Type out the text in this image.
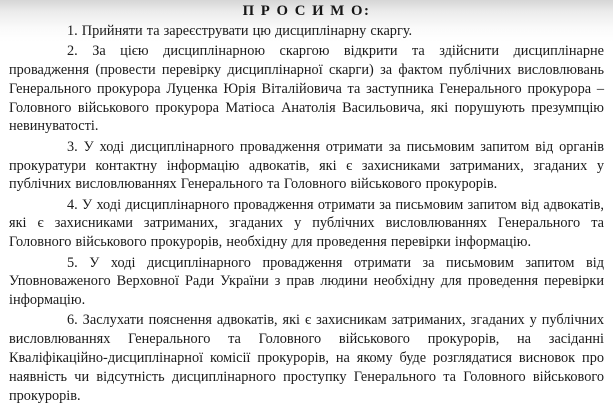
П Р О С И М О:

1. Прийняти та зареєструвати цю дисциплінарну скаргу.

2. За цією дисциплінарною скаргою відкрити та здійснити дисциплінарне провадження (провести перевірку дисциплінарної скарги) за фактом публічних висловлювань Генерального прокурора Луценка Юрія Віталійовича та заступника Генерального прокурора – Головного військового прокурора Матіоса Анатолія Васильовича, які порушують презумпцію невинуватості.

3. У ході дисциплінарного провадження отримати за письмовим запитом від органів прокуратури контактну інформацію адвокатів, які є захисниками затриманих, згаданих у публічних висловлюваннях Генерального та Головного військового прокурорів.

4. У ході дисциплінарного провадження отримати за письмовим запитом від адвокатів, які є захисниками затриманих, згаданих у публічних висловлюваннях Генерального та Головного військового прокурорів, необхідну для проведення перевірки інформацію.

5. У ході дисциплінарного провадження отримати за письмовим запитом від Уповноваженого Верховної Ради України з прав людини необхідну для проведення перевірки інформацію.

6. Заслухати пояснення адвокатів, які є захисникам затриманих, згаданих у публічних висловлюваннях Генерального та Головного військового прокурорів, на засіданні Кваліфікаційно-дисциплінарної комісії прокурорів, на якому буде розглядатися висновок про наявність чи відсутність дисциплінарного проступку Генерального та Головного військового прокурорів.
